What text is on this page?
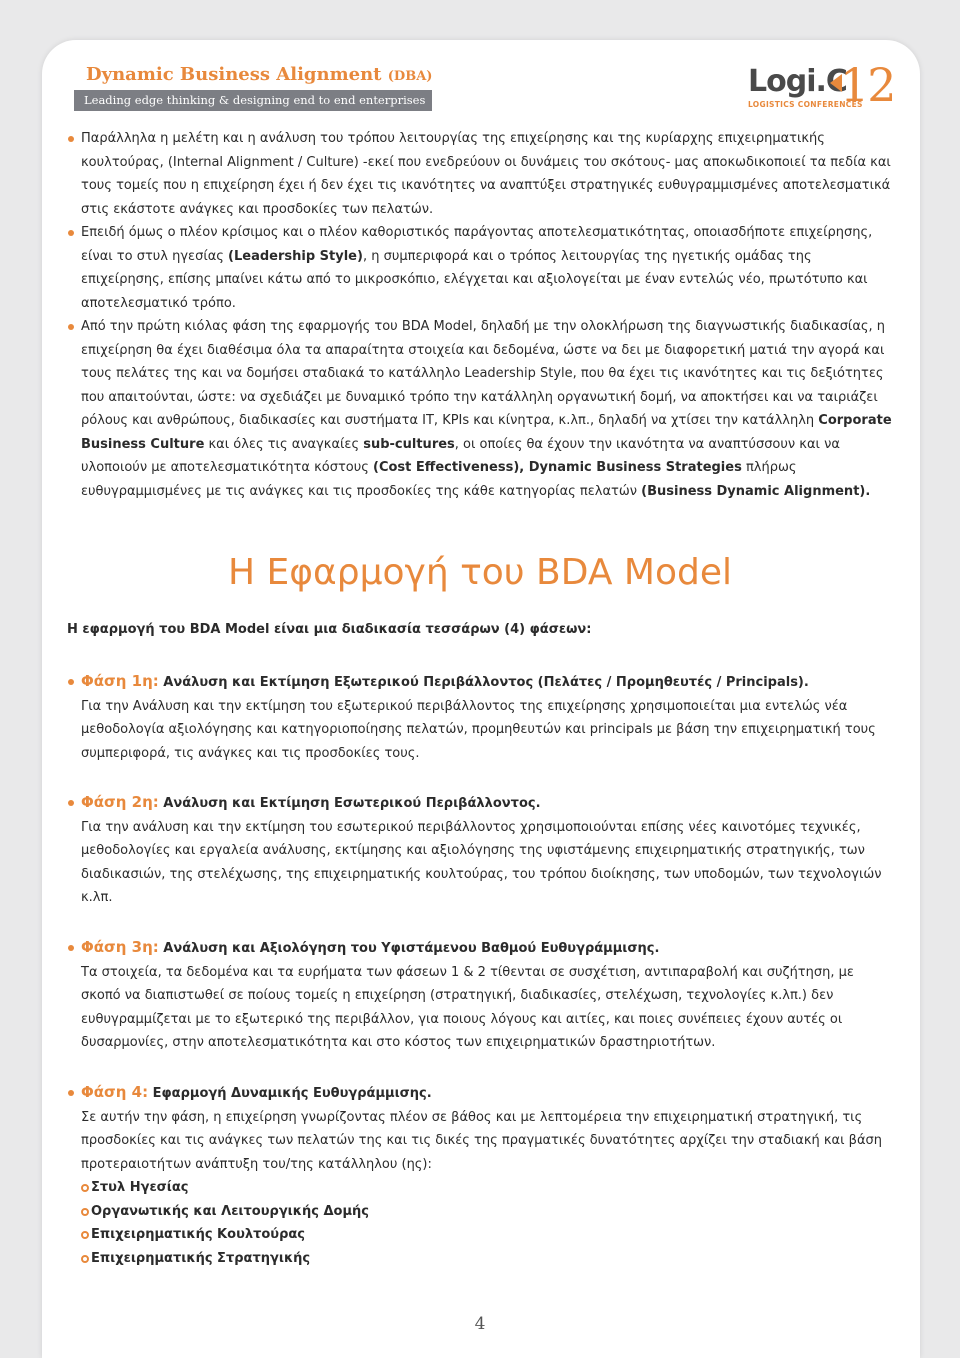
Dynamic Business Alignment (DBA)
Leading edge thinking & designing end to end enterprises
Logi.C
12
LOGISTICS CONFERENCES

Παράλληλα η μελέτη και η ανάλυση του τρόπου λειτουργίας της επιχείρησης και της κυρίαρχης επιχειρηματικής κουλτούρας, (Internal Alignment / Culture) -εκεί που ενεδρεύουν οι δυνάμεις του σκότους- μας αποκωδικοποιεί τα πεδία και τους τομείς που η επιχείρηση έχει ή δεν έχει τις ικανότητες να αναπτύξει στρατηγικές ευθυγραμμισμένες αποτελεσματικά στις εκάστοτε ανάγκες και προσδοκίες των πελατών.

Επειδή όμως ο πλέον κρίσιμος και ο πλέον καθοριστικός παράγοντας αποτελεσματικότητας, οποιασδήποτε επιχείρησης, είναι το στυλ ηγεσίας (Leadership Style), η συμπεριφορά και ο τρόπος λειτουργίας της ηγετικής ομάδας της επιχείρησης, επίσης μπαίνει κάτω από το μικροσκόπιο, ελέγχεται και αξιολογείται με έναν εντελώς νέο, πρωτότυπο και αποτελεσματικό τρόπο.

Από την πρώτη κιόλας φάση της εφαρμογής του BDA Model, δηλαδή με την ολοκλήρωση της διαγνωστικής διαδικασίας, η επιχείρηση θα έχει διαθέσιμα όλα τα απαραίτητα στοιχεία και δεδομένα, ώστε να δει με διαφορετική ματιά την αγορά και τους πελάτες της και να δομήσει σταδιακά το κατάλληλο Leadership Style, που θα έχει τις ικανότητες και τις δεξιότητες που απαιτούνται, ώστε: να σχεδιάζει με δυναμικό τρόπο την κατάλληλη οργανωτική δομή, να αποκτήσει και να ταιριάζει ρόλους και ανθρώπους, διαδικασίες και συστήματα IT, KPIs και κίνητρα, κ.λπ., δηλαδή να χτίσει την κατάλληλη Corporate Business Culture και όλες τις αναγκαίες sub-cultures, οι οποίες θα έχουν την ικανότητα να αναπτύσσουν και να υλοποιούν με αποτελεσματικότητα κόστους (Cost Effectiveness), Dynamic Business Strategies πλήρως ευθυγραμμισμένες με τις ανάγκες και τις προσδοκίες της κάθε κατηγορίας πελατών (Business Dynamic Alignment).

Η Εφαρμογή του BDA Model
Η εφαρμογή του BDA Model είναι μια διαδικασία τεσσάρων (4) φάσεων:
Φάση 1η: Ανάλυση και Εκτίμηση Εξωτερικού Περιβάλλοντος (Πελάτες / Προμηθευτές / Principals).
Για την Ανάλυση και την εκτίμηση του εξωτερικού περιβάλλοντος της επιχείρησης χρησιμοποιείται μια εντελώς νέα μεθοδολογία αξιολόγησης και κατηγοριοποίησης πελατών, προμηθευτών και principals με βάση την επιχειρηματική τους συμπεριφορά, τις ανάγκες και τις προσδοκίες τους.
Φάση 2η: Ανάλυση και Εκτίμηση Εσωτερικού Περιβάλλοντος.
Για την ανάλυση και την εκτίμηση του εσωτερικού περιβάλλοντος χρησιμοποιούνται επίσης νέες καινοτόμες τεχνικές, μεθοδολογίες και εργαλεία ανάλυσης, εκτίμησης και αξιολόγησης της υφιστάμενης επιχειρηματικής στρατηγικής, των διαδικασιών, της στελέχωσης, της επιχειρηματικής κουλτούρας, του τρόπου διοίκησης, των υποδομών, των τεχνολογιών κ.λπ.
Φάση 3η: Ανάλυση και Αξιολόγηση του Υφιστάμενου Βαθμού Ευθυγράμμισης.
Τα στοιχεία, τα δεδομένα και τα ευρήματα των φάσεων 1 & 2 τίθενται σε συσχέτιση, αντιπαραβολή και συζήτηση, με σκοπό να διαπιστωθεί σε ποίους τομείς η επιχείρηση (στρατηγική, διαδικασίες, στελέχωση, τεχνολογίες κ.λπ.) δεν ευθυγραμμίζεται με το εξωτερικό της περιβάλλον, για ποιους λόγους και αιτίες, και ποιες συνέπειες έχουν αυτές οι δυσαρμονίες, στην αποτελεσματικότητα και στο κόστος των επιχειρηματικών δραστηριοτήτων.
Φάση 4: Εφαρμογή Δυναμικής Ευθυγράμμισης.
Σε αυτήν την φάση, η επιχείρηση γνωρίζοντας πλέον σε βάθος και με λεπτομέρεια την επιχειρηματική στρατηγική, τις προσδοκίες και τις ανάγκες των πελατών της και τις δικές της πραγματικές δυνατότητες αρχίζει την σταδιακή και βάση προτεραιοτήτων ανάπτυξη του/της κατάλληλου (ης):

Στυλ Ηγεσίας

Οργανωτικής και Λειτουργικής Δομής

Επιχειρηματικής Κουλτούρας

Επιχειρηματικής Στρατηγικής

4
